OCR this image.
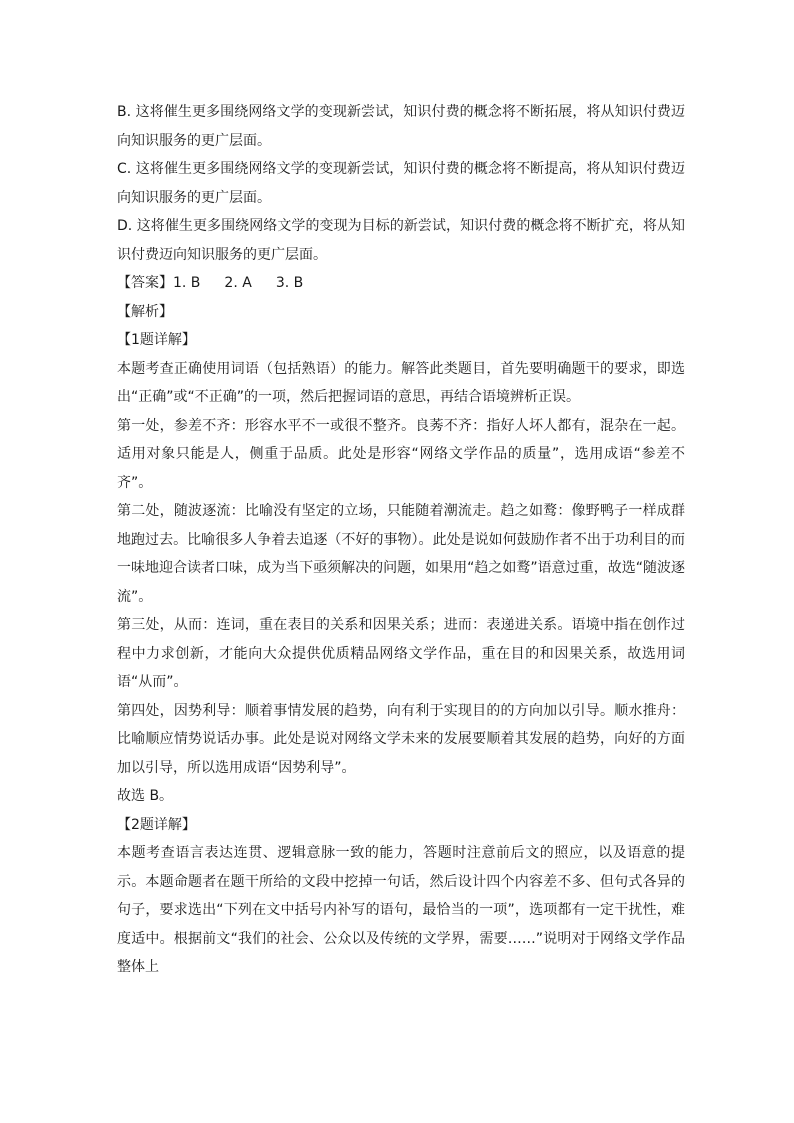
B. 这将催生更多围绕网络文学的变现新尝试，知识付费的概念将不断拓展，将从知识付费迈向知识服务的更广层面。

C. 这将催生更多围绕网络文学的变现新尝试，知识付费的概念将不断提高，将从知识付费迈向知识服务的更广层面。

D. 这将催生更多围绕网络文学的变现为目标的新尝试，知识付费的概念将不断扩充，将从知识付费迈向知识服务的更广层面。

【答案】 1. B 2. A 3. B

【解析】

【1题详解】

本题考查正确使用词语（包括熟语）的能力。解答此类题目，首先要明确题干的要求，即选出“正确”或“不正确”的一项，然后把握词语的意思，再结合语境辨析正误。

第一处，参差不齐：形容水平不一或很不整齐。良莠不齐：指好人坏人都有，混杂在一起。适用对象只能是人，侧重于品质。此处是形容“网络文学作品的质量”，选用成语“参差不齐”。

第二处，随波逐流：比喻没有坚定的立场，只能随着潮流走。趋之如鹜：像野鸭子一样成群地跑过去。比喻很多人争着去追逐（不好的事物）。此处是说如何鼓励作者不出于功利目的而一味地迎合读者口味，成为当下亟须解决的问题，如果用“趋之如鹜”语意过重，故选“随波逐流”。

第三处，从而：连词，重在表目的关系和因果关系；进而：表递进关系。语境中指在创作过程中力求创新，才能向大众提供优质精品网络文学作品，重在目的和因果关系，故选用词语“从而”。

第四处，因势利导：顺着事情发展的趋势，向有利于实现目的的方向加以引导。顺水推舟：比喻顺应情势说话办事。此处是说对网络文学未来的发展要顺着其发展的趋势，向好的方面加以引导，所以选用成语“因势利导”。

故选 B。

【2题详解】

本题考查语言表达连贯、逻辑意脉一致的能力，答题时注意前后文的照应，以及语意的提示。本题命题者在题干所给的文段中挖掉一句话，然后设计四个内容差不多、但句式各异的句子，要求选出“下列在文中括号内补写的语句，最恰当的一项”，选项都有一定干扰性，难度适中。根据前文“我们的社会、公众以及传统的文学界，需要……”说明对于网络文学作品整体上
